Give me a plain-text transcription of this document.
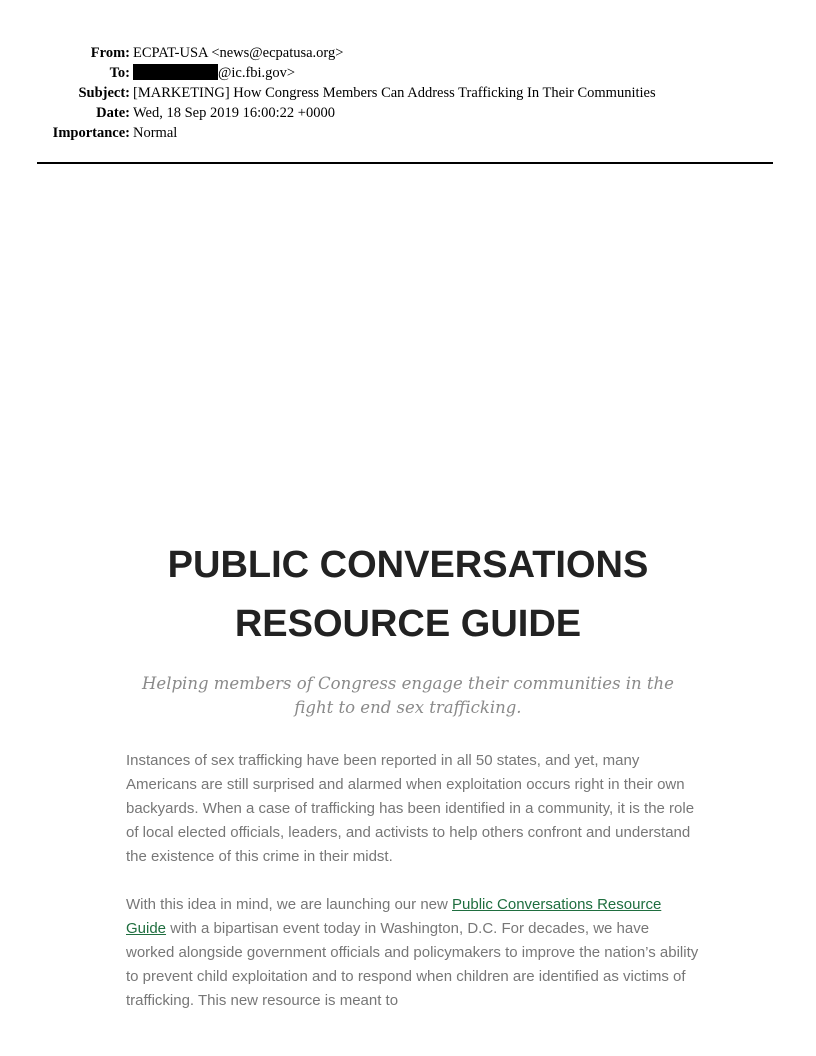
From: ECPAT-USA <news@ecpatusa.org>
To:	@ic.fbi.gov>
Subject: [MARKETING] How Congress Members Can Address Trafficking In Their Communities
Date: Wed, 18 Sep 2019 16:00:22 +0000
Importance: Normal
PUBLIC CONVERSATIONS
RESOURCE GUIDE

Helping members of Congress engage their communities in the fight to end sex trafficking.

Instances of sex trafficking have been reported in all 50 states, and yet, many Americans are still surprised and alarmed when exploitation occurs right in their own backyards. When a case of trafficking has been identified in a community, it is the role of local elected officials, leaders, and activists to help others confront and understand the existence of this crime in their midst.

With this idea in mind, we are launching our new Public Conversations Resource Guide with a bipartisan event today in Washington, D.C. For decades, we have worked alongside government officials and policymakers to improve the nation’s ability to prevent child exploitation and to respond when children are identified as victims of trafficking. This new resource is meant to
